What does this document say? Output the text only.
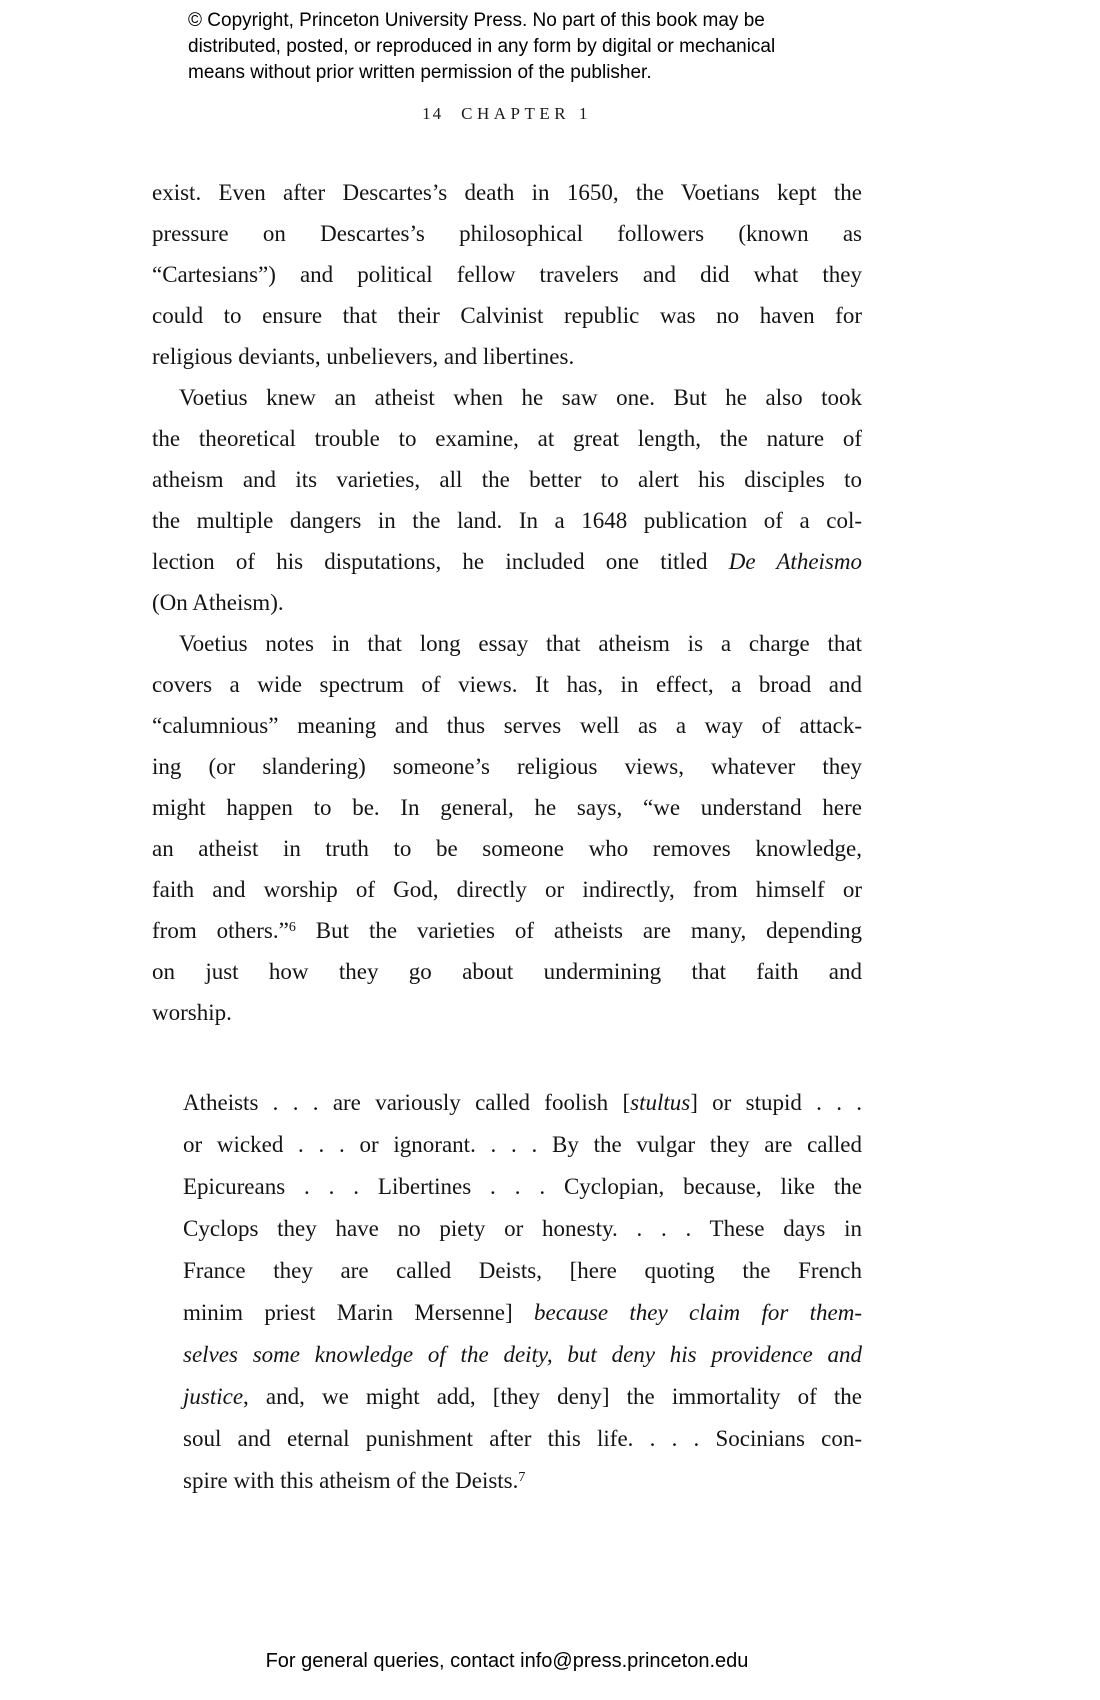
© Copyright, Princeton University Press. No part of this book may be
distributed, posted, or reproduced in any form by digital or mechanical
means without prior written permission of the publisher.
14 CHAPTER 1
exist. Even after Descartes’s death in 1650, the Voetians kept the
pressure on Descartes’s philosophical followers (known as
“Cartesians”) and political fellow travelers and did what they
could to ensure that their Calvinist republic was no haven for
religious deviants, unbelievers, and libertines.
Voetius knew an atheist when he saw one. But he also took
the theoretical trouble to examine, at great length, the nature of
atheism and its varieties, all the better to alert his disciples to
the multiple dangers in the land. In a 1648 publication of a col-
lection of his disputations, he included one titled De Atheismo
(On Atheism).
Voetius notes in that long essay that atheism is a charge that
covers a wide spectrum of views. It has, in effect, a broad and
“calumnious” meaning and thus serves well as a way of attack-
ing (or slandering) someone’s religious views, whatever they
might happen to be. In general, he says, “we understand here
an atheist in truth to be someone who removes knowledge,
faith and worship of God, directly or indirectly, from himself or
from others.”$^6$ But the varieties of atheists are many, depending
on just how they go about undermining that faith and
worship.
Atheists . . . are variously called foolish [stultus] or stupid . . .
or wicked . . . or ignorant. . . . By the vulgar they are called
Epicureans . . . Libertines . . . Cyclopian, because, like the
Cyclops they have no piety or honesty. . . . These days in
France they are called Deists, [here quoting the French
minim priest Marin Mersenne] because they claim for them-
selves some knowledge of the deity, but deny his providence and
justice, and, we might add, [they deny] the immortality of the
soul and eternal punishment after this life. . . . Socinians con-
spire with this atheism of the Deists.$^7$
For general queries, contact info@press.princeton.edu
